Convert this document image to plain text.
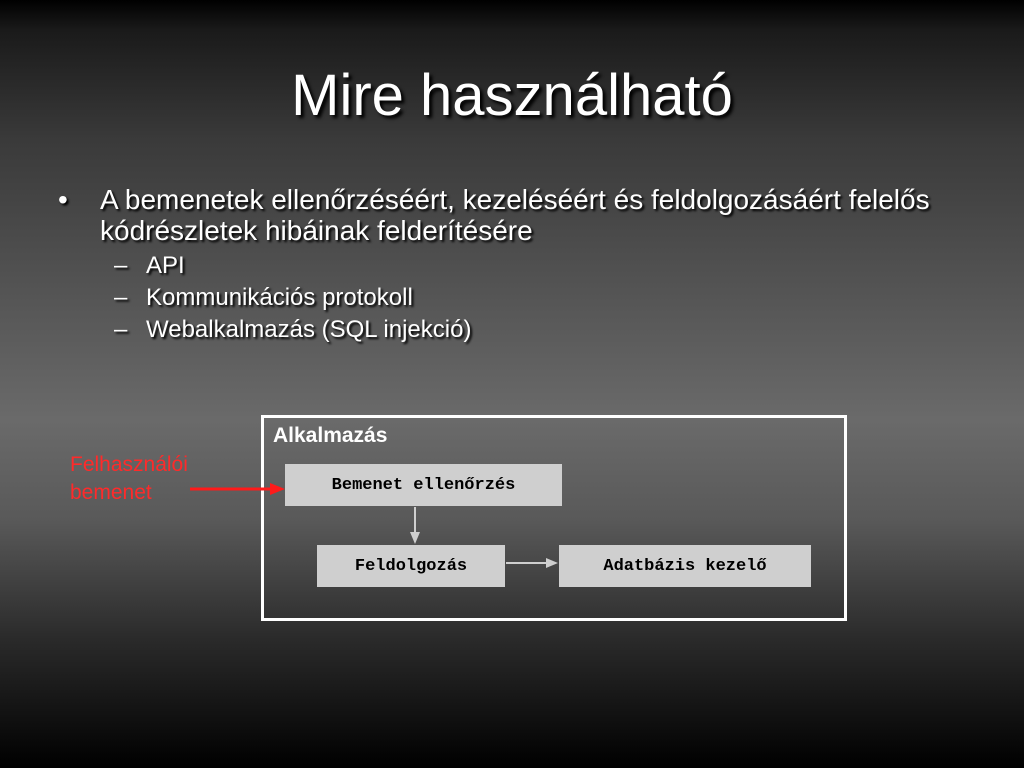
Mire használható
• A bemenetek ellenőrzéséért, kezeléséért és feldolgozásáért felelős kódrészletek hibáinak felderítésére
– API
– Kommunikációs protokoll
– Webalkalmazás (SQL injekció)
Alkalmazás
Felhasználói
bemenet	Bemenet ellenőrzés
Feldolgozás	Adatbázis kezelő
